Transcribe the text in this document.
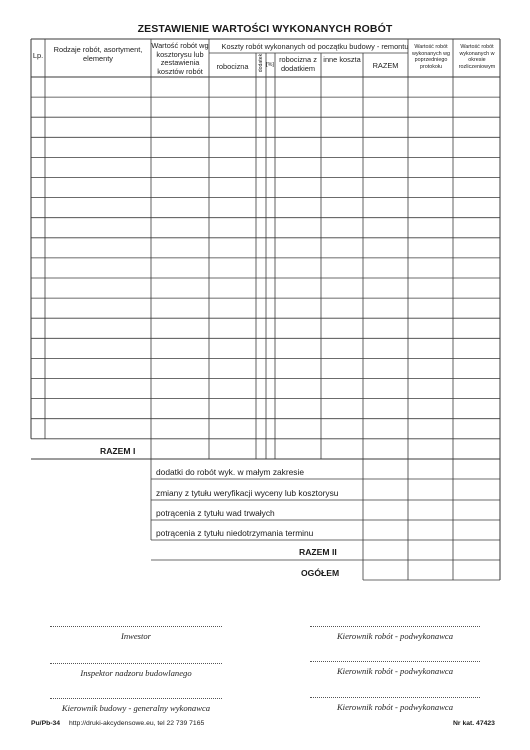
ZESTAWIENIE WARTOŚCI WYKONANYCH ROBÓT
Lp.
Rodzaje robót, asortyment, elementy
Wartość robót wg kosztorysu lub zestawienia kosztów robót
Koszty robót wykonanych od początku budowy - remontu
robocizna	dodatek [%]
robocizna z dodatkiem
inne koszta
RAZEM
Wartość robót wykonanych wg poprzedniego protokołu
Wartość robót wykonanych w okresie rozliczeniowym
RAZEM I
dodatki do robót wyk. w małym zakresie
zmiany z tytułu weryfikacji wyceny lub kosztorysu
potrącenia z tytułu wad trwałych
potrącenia z tytułu niedotrzymania terminu
RAZEM II
OGÓŁEM
Inwestor
Inspektor nadzoru budowlanego
Kierownik budowy - generalny wykonawca
Kierownik robót - podwykonawca
Kierownik robót - podwykonawca
Kierownik robót - podwykonawca
Pu/Pb-34 http://druki-akcydensowe.eu, tel 22 739 7165	Nr kat. 47423
